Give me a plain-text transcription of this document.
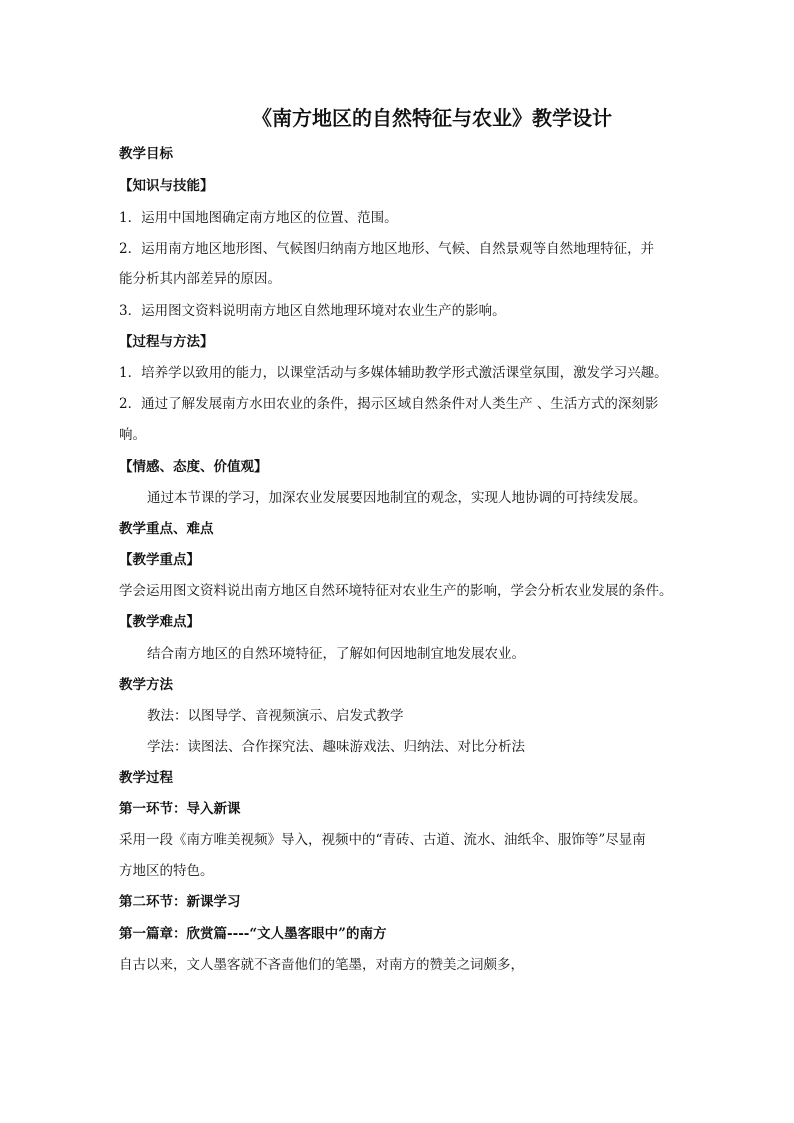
《南方地区的自然特征与农业》教学设计
教学目标
【知识与技能】
1．运用中国地图确定南方地区的位置、范围。
2．运用南方地区地形图、气候图归纳南方地区地形、气候、自然景观等自然地理特征，并
能分析其内部差异的原因。
3．运用图文资料说明南方地区自然地理环境对农业生产的影响。
【过程与方法】
1．培养学以致用的能力，以课堂活动与多媒体辅助教学形式激活课堂氛围，激发学习兴趣。
2．通过了解发展南方水田农业的条件，揭示区域自然条件对人类生产 、生活方式的深刻影
响。
【情感、态度、价值观】
通过本节课的学习，加深农业发展要因地制宜的观念，实现人地协调的可持续发展。
教学重点、难点
【教学重点】
学会运用图文资料说出南方地区自然环境特征对农业生产的影响，学会分析农业发展的条件。
【教学难点】
结合南方地区的自然环境特征，了解如何因地制宜地发展农业。
教学方法
教法：以图导学、音视频演示、启发式教学
学法：读图法、合作探究法、趣味游戏法、归纳法、对比分析法
教学过程
第一环节：导入新课
采用一段《南方唯美视频》导入，视频中的“青砖、古道、流水、油纸伞、服饰等”尽显南
方地区的特色。
第二环节：新课学习
第一篇章：欣赏篇----“文人墨客眼中”的南方
自古以来，文人墨客就不吝啬他们的笔墨，对南方的赞美之词颇多，
